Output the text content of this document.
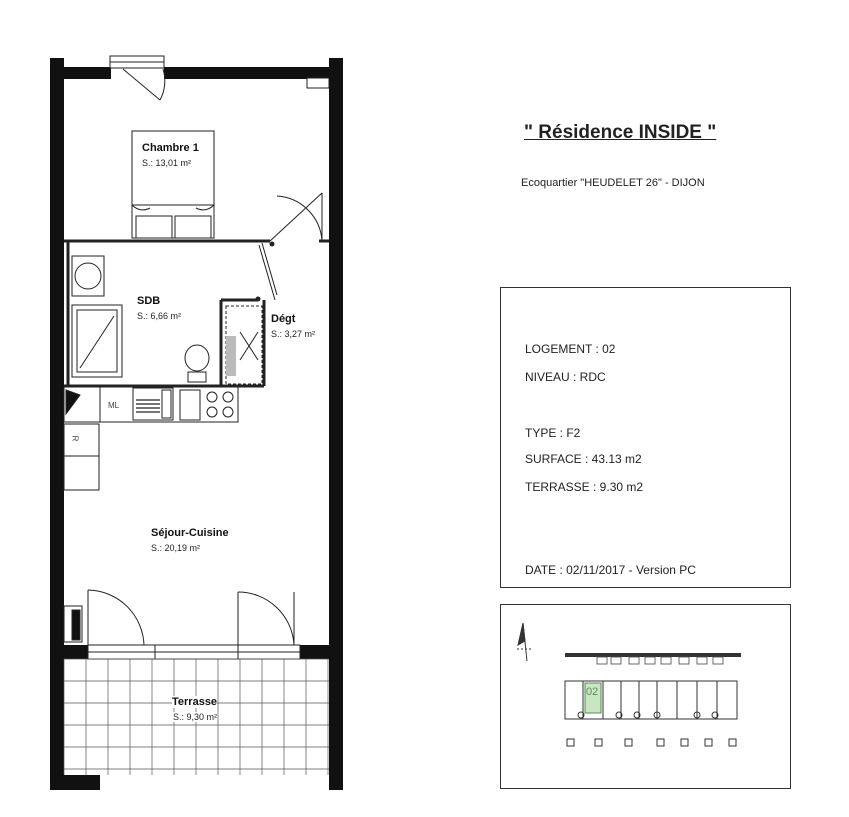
Chambre 1
S.: 13,01 m²
SDB
S.: 6,66 m²	Dégt
S.: 3,27 m²
Séjour-Cuisine
S.: 20,19 m²
Terrasse
S.: 9,30 m²
ML
R
" Résidence INSIDE "
Ecoquartier "HEUDELET 26" - DIJON
LOGEMENT : 02
NIVEAU : RDC
TYPE : F2
SURFACE : 43.13 m2
TERRASSE : 9.30 m2
DATE : 02/11/2017 - Version PC
02
